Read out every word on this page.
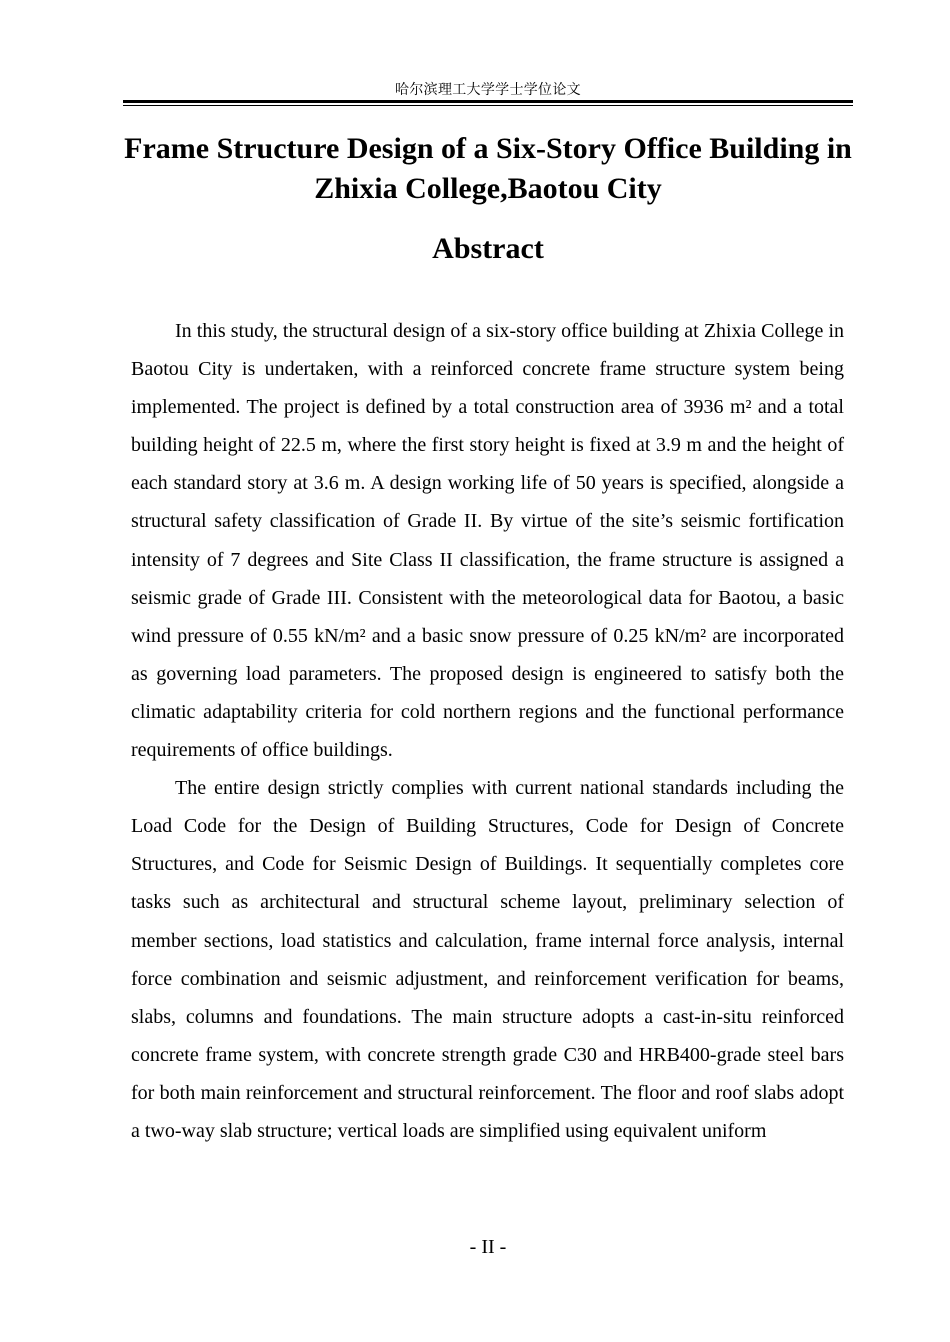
哈尔滨理工大学学士学位论文
Frame Structure Design of a Six-Story Office Building in Zhixia College,Baotou City
Abstract

In this study, the structural design of a six-story office building at Zhixia College in Baotou City is undertaken, with a reinforced concrete frame structure system being implemented. The project is defined by a total construction area of 3936 m² and a total building height of 22.5 m, where the first story height is fixed at 3.9 m and the height of each standard story at 3.6 m. A design working life of 50 years is specified, alongside a structural safety classification of Grade II. By virtue of the site’s seismic fortification intensity of 7 degrees and Site Class II classification, the frame structure is assigned a seismic grade of Grade III. Consistent with the meteorological data for Baotou, a basic wind pressure of 0.55 kN/m² and a basic snow pressure of 0.25 kN/m² are incorporated as governing load parameters. The proposed design is engineered to satisfy both the climatic adaptability criteria for cold northern regions and the functional performance requirements of office buildings.

The entire design strictly complies with current national standards including the Load Code for the Design of Building Structures, Code for Design of Concrete Structures, and Code for Seismic Design of Buildings. It sequentially completes core tasks such as architectural and structural scheme layout, preliminary selection of member sections, load statistics and calculation, frame internal force analysis, internal force combination and seismic adjustment, and reinforcement verification for beams, slabs, columns and foundations. The main structure adopts a cast-in-situ reinforced concrete frame system, with concrete strength grade C30 and HRB400-grade steel bars for both main reinforcement and structural reinforcement. The floor and roof slabs adopt a two-way slab structure; vertical loads are simplified using equivalent uniform

- II -
